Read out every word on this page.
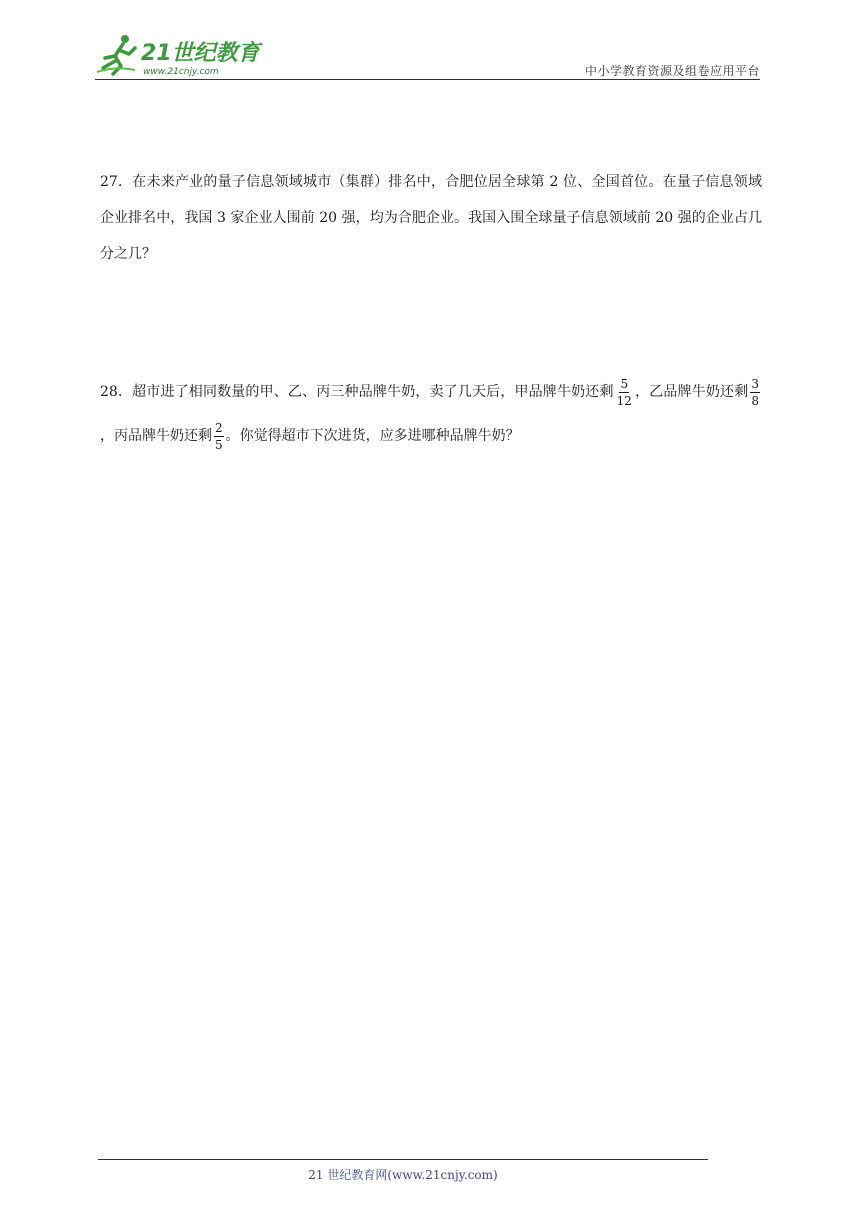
21世纪教育
www.21cnjy.com	中小学教育资源及组卷应用平台
27．在未来产业的量子信息领域城市（集群）排名中，合肥位居全球第 2 位、全国首位。在量子信息领域企业排名中，我国 3 家企业人围前 20 强，均为合肥企业。我国入围全球量子信息领域前 20 强的企业占几分之几？
28．超市进了相同数量的甲、乙、丙三种品牌牛奶，卖了几天后，甲品牌牛奶还剩 $\frac{5}{12}$ ，乙品牌牛奶还剩 $\frac{3}{8}$
，丙品牌牛奶还剩 $\frac{2}{5}$ 。你觉得超市下次进货，应多进哪种品牌牛奶？
21 世纪教育网(www.21cnjy.com)
